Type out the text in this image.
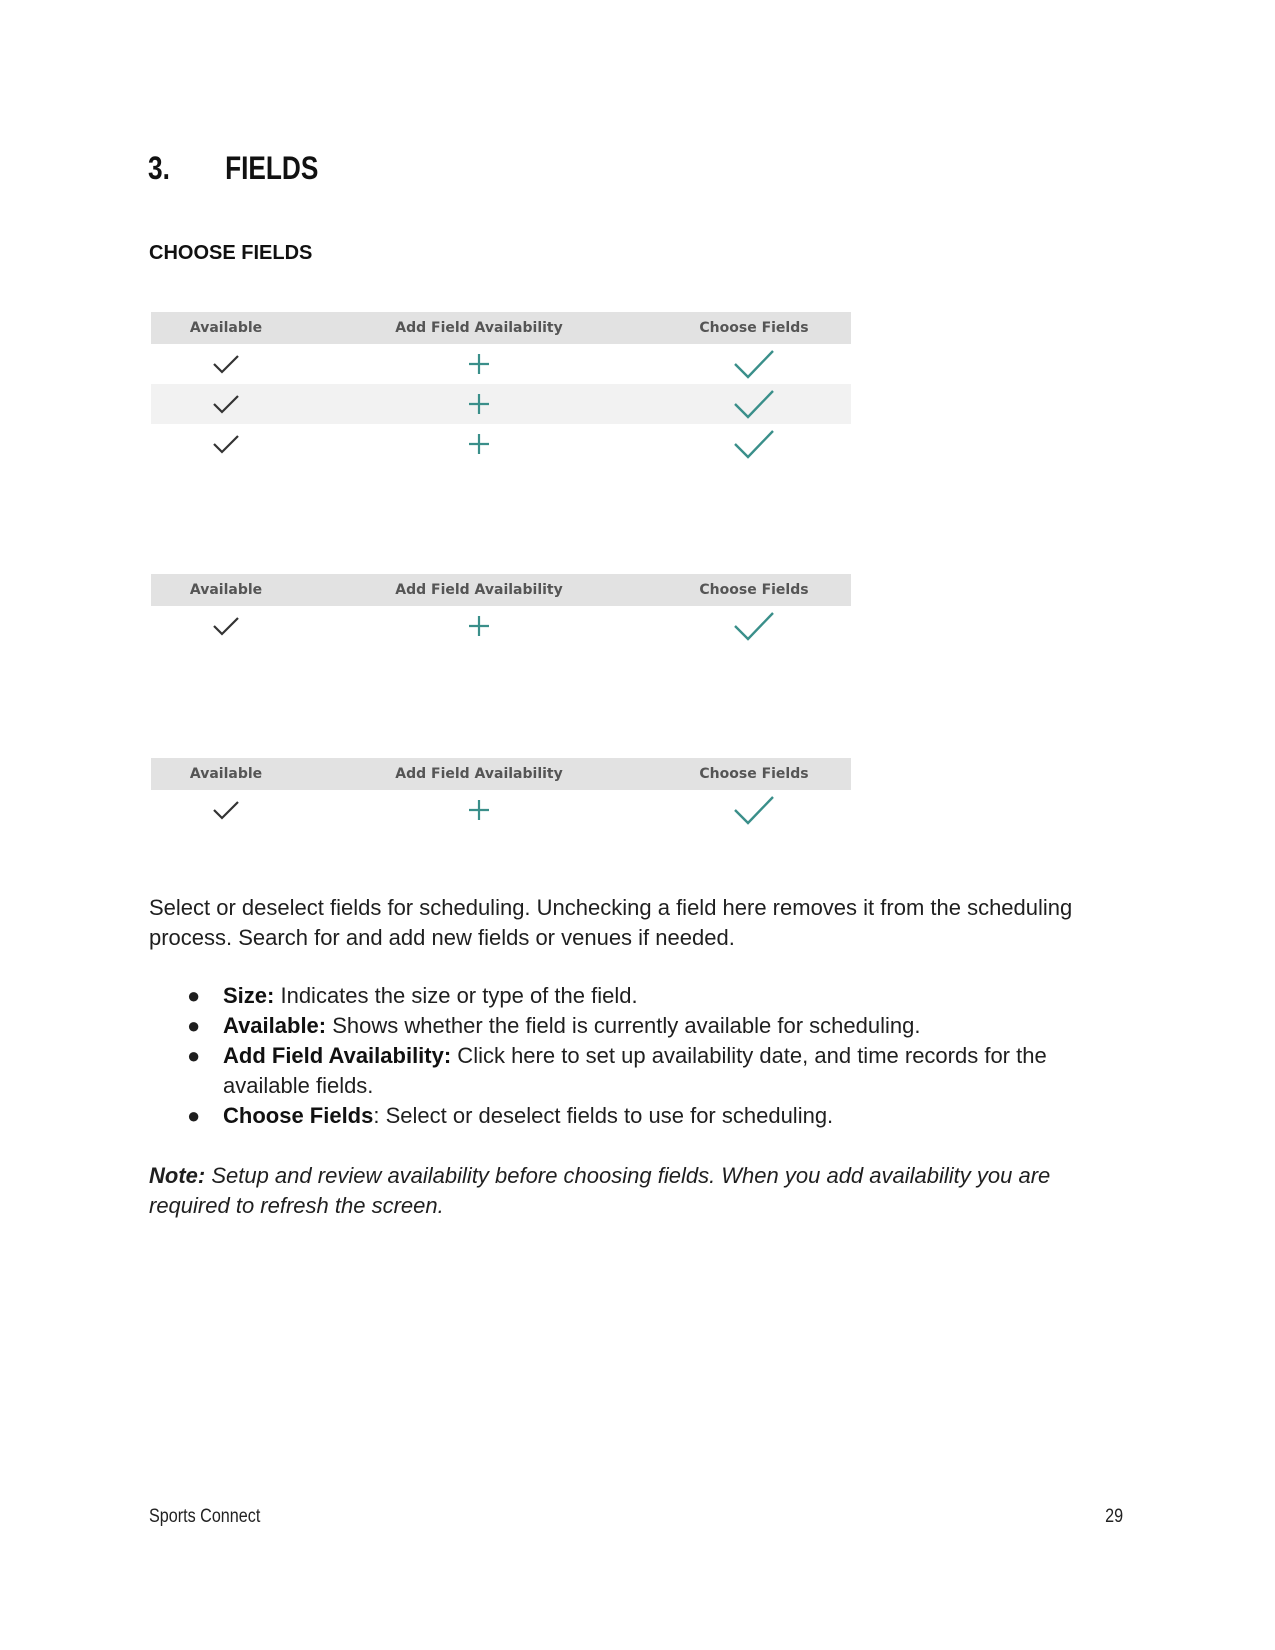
3. FIELDS
CHOOSE FIELDS
Available	Add Field Availability	Choose Fields
Available	Add Field Availability	Choose Fields
Available	Add Field Availability	Choose Fields

Select or deselect fields for scheduling. Unchecking a field here removes it from the scheduling process. Search for and add new fields or venues if needed.

● Size: Indicates the size or type of the field.
● Available: Shows whether the field is currently available for scheduling.
● Add Field Availability: Click here to set up availability date, and time records for the available fields.
● Choose Fields: Select or deselect fields to use for scheduling.

Note: Setup and review availability before choosing fields. When you add availability you are required to refresh the screen.

Sports Connect	29
